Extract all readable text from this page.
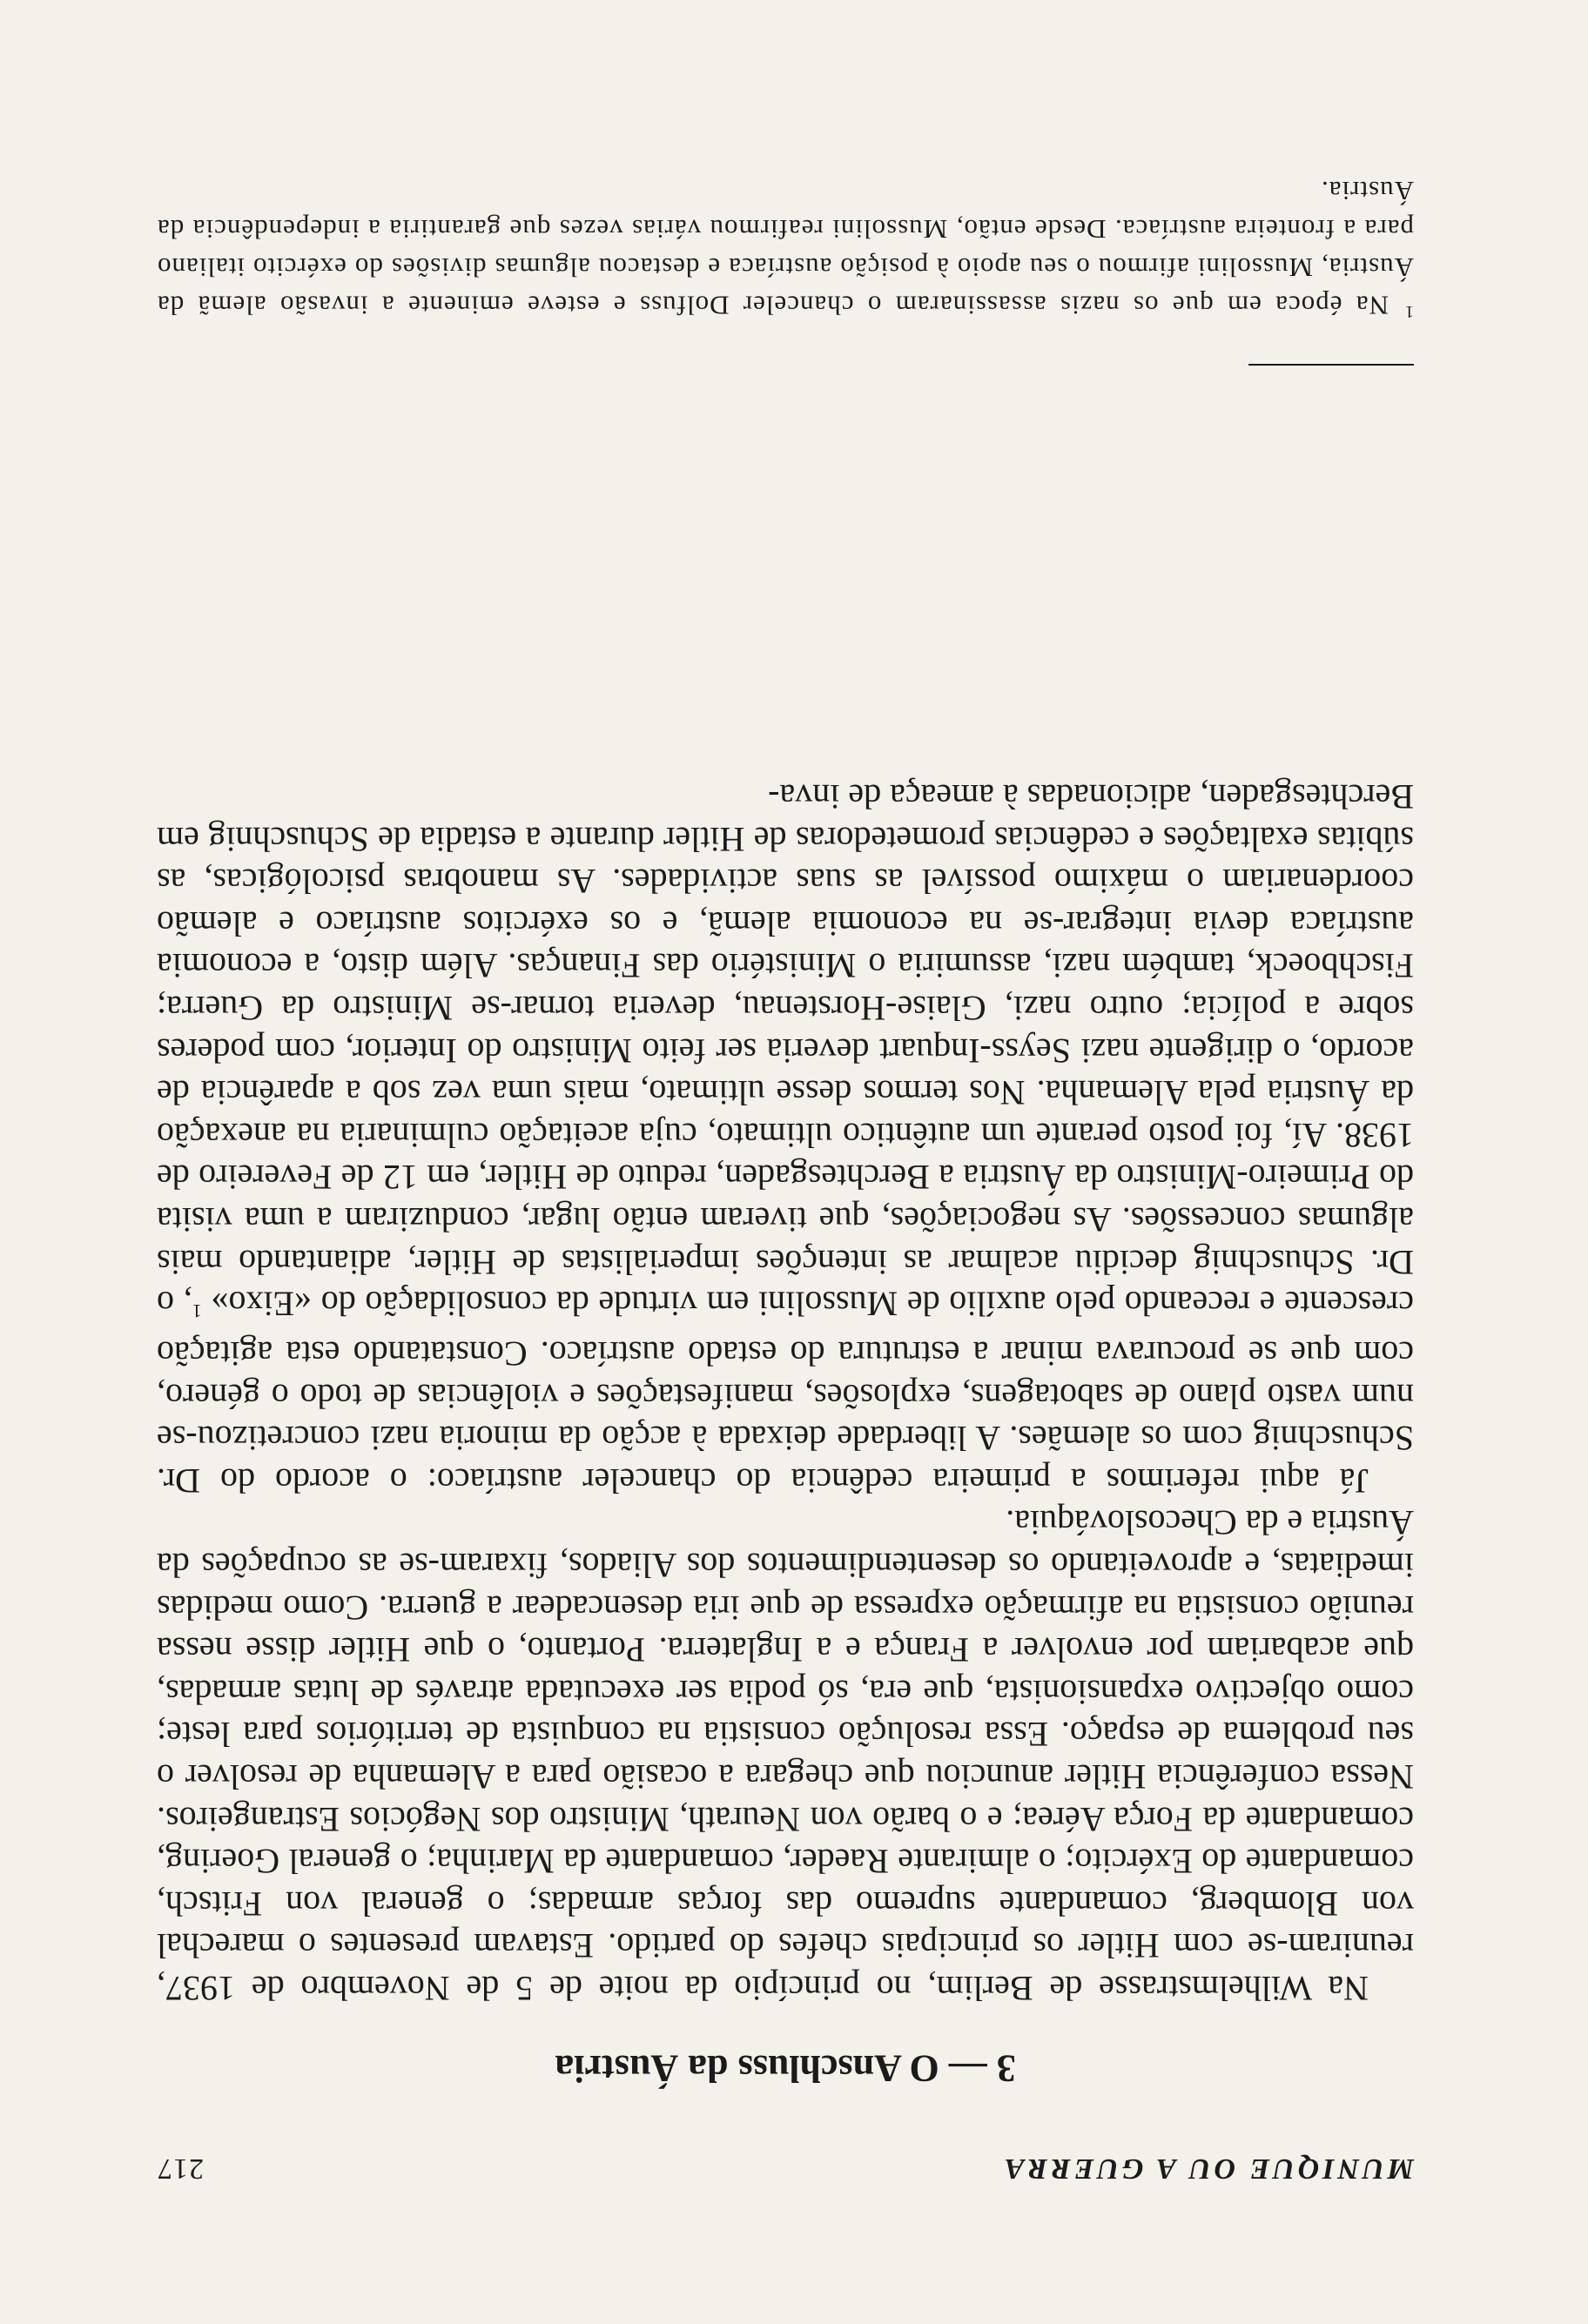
MUNIQUE OU A GUERRA
217
3 — O Anschluss da Áustria

Na Wilhelmstrasse de Berlim, no princípio da noite de 5 de Novembro de 1937, reuniram-se com Hitler os principais chefes do partido. Estavam presentes o marechal von Blomberg, comandante supremo das forças armadas; o general von Fritsch, comandante do Exército; o almirante Raeder, comandante da Marinha; o general Goering, comandante da Força Aérea; e o barão von Neurath, Ministro dos Negócios Estrangeiros. Nessa conferência Hitler anunciou que chegara a ocasião para a Alemanha de resolver o seu problema de espaço. Essa resolução consistia na conquista de territórios para leste; como objectivo expansionista, que era, só podia ser executada através de lutas armadas, que acabariam por envolver a França e a Inglaterra. Portanto, o que Hitler disse nessa reunião consistia na afirmação expressa de que iria desencadear a guerra. Como medidas imediatas, e aproveitando os desentendimentos dos Aliados, fixaram-se as ocupações da Áustria e da Checoslováquia.

Já aqui referimos a primeira cedência do chanceler austríaco: o acordo do Dr. Schuschnig com os alemães. A liberdade deixada à acção da minoria nazi concretizou-se num vasto plano de sabotagens, explosões, manifestações e violências de todo o género, com que se procurava minar a estrutura do estado austríaco. Constatando esta agitação crescente e receando pelo auxílio de Mussolini em virtude da consolidação do «Eixo» $^1$, o Dr. Schuschnig decidiu acalmar as intenções imperialistas de Hitler, adiantando mais algumas concessões. As negociações, que tiveram então lugar, conduziram a uma visita do Primeiro-Ministro da Áustria a Berchtesgaden, reduto de Hitler, em 12 de Fevereiro de 1938. Aí, foi posto perante um autêntico ultimato, cuja aceitação culminaria na anexação da Áustria pela Alemanha. Nos termos desse ultimato, mais uma vez sob a aparência de acordo, o dirigente nazi Seyss-Inquart deveria ser feito Ministro do Interior, com poderes sobre a polícia; outro nazi, Glaise-Horstenau, deveria tornar-se Ministro da Guerra; Fischboeck, também nazi, assumiria o Ministério das Finanças. Além disto, a economia austríaca devia integrar-se na economia alemã, e os exércitos austríaco e alemão coordenariam o máximo possível as suas actividades. As manobras psicológicas, as súbitas exaltações e cedências prometedoras de Hitler durante a estadia de Schuschnig em Berchtesgaden, adicionadas à ameaça de inva-

$^1$Na época em que os nazis assassinaram o chanceler Dolfuss e esteve eminente a invasão alemã da Áustria, Mussolini afirmou o seu apoio à posição austríaca e destacou algumas divisões do exército italiano para a fronteira austríaca. Desde então, Mussolini reafirmou várias vezes que garantiria a independência da Áustria.
